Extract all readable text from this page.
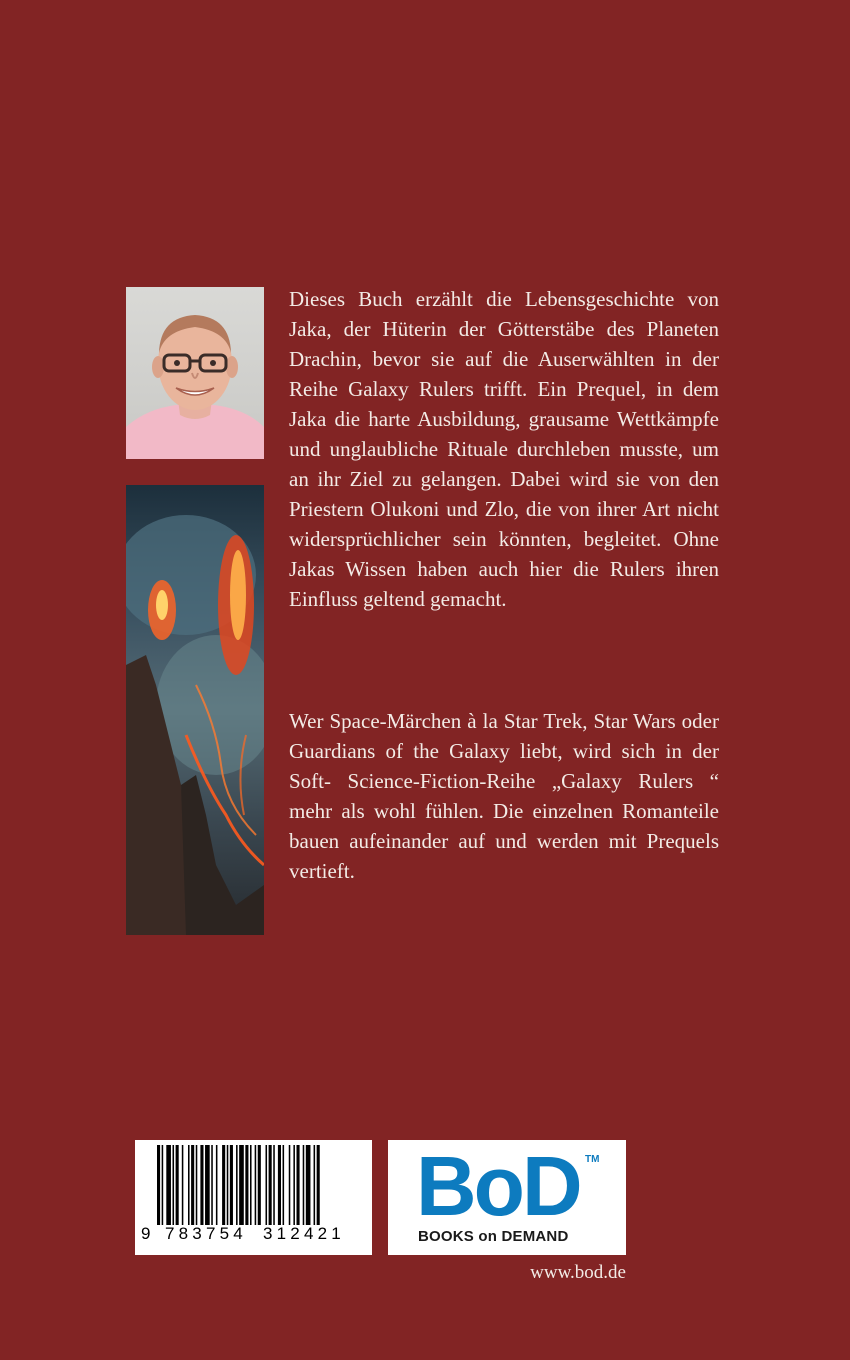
Dieses Buch erzählt die Lebensgeschichte von Jaka, der Hüterin der Götterstäbe des Planeten Drachin, bevor sie auf die Auserwählten in der Reihe Galaxy Rulers trifft. Ein Prequel, in dem Jaka die harte Ausbildung, grausame Wettkämpfe und unglaubliche Rituale durchleben musste, um an ihr Ziel zu gelangen. Dabei wird sie von den Priestern Olukoni und Zlo, die von ihrer Art nicht widersprüchlicher sein könnten, begleitet. Ohne Jakas Wissen haben auch hier die Rulers ihren Einfluss geltend gemacht.

Wer Space-Märchen à la Star Trek, Star Wars oder Guardians of the Galaxy liebt, wird sich in der Soft- Science-Fiction-Reihe „Galaxy Rulers “ mehr als wohl fühlen. Die einzelnen Romanteile bauen aufeinander auf und werden mit Prequels vertieft.

9 783754 312421
BoD TM
BOOKS on DEMAND
www.bod.de
